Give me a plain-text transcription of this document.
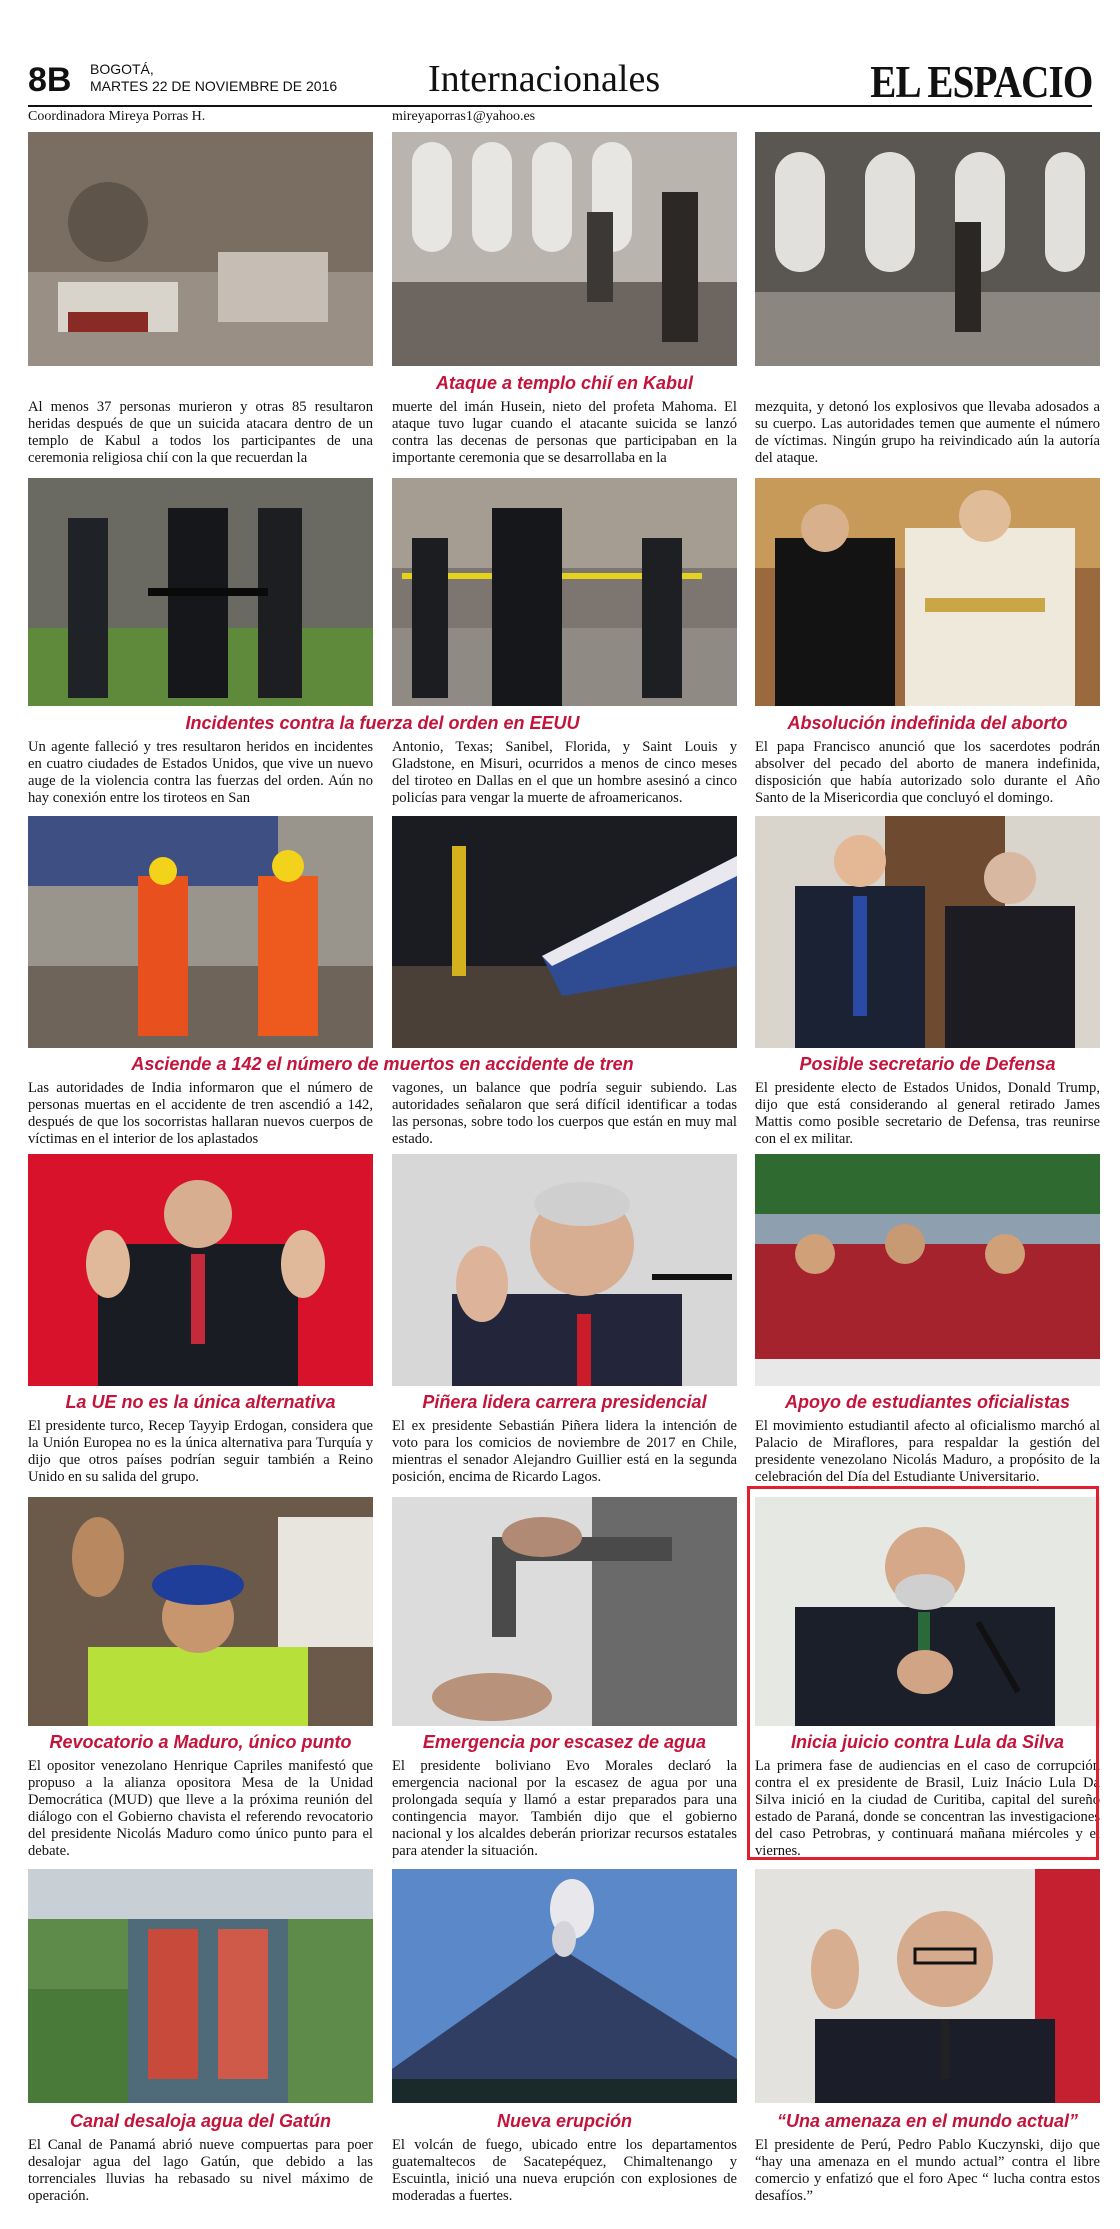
8B BOGOTÁ,
MARTES 22 DE NOVIEMBRE DE 2016 Internacionales	EL ESPACIO
Coordinadora Mireya Porras H.	mireyaporras1@yahoo.es
Ataque a templo chií en Kabul
Al menos 37 personas murieron y otras 85 resultaron heridas después de que un suicida atacara dentro de un templo de Kabul a todos los participantes de una ceremonia religiosa chií con la que recuerdan la
muerte del imán Husein, nieto del profeta Mahoma. El ataque tuvo lugar cuando el atacante suicida se lanzó contra las decenas de personas que participaban en la importante ceremonia que se desarrollaba en la
mezquita, y detonó los explosivos que llevaba adosados a su cuerpo. Las autoridades temen que aumente el número de víctimas. Ningún grupo ha reivindicado aún la autoría del ataque.
Incidentes contra la fuerza del orden en EEUU	Absolución indefinida del aborto
Un agente falleció y tres resultaron heridos en incidentes en cuatro ciudades de Estados Unidos, que vive un nuevo auge de la violencia contra las fuerzas del orden. Aún no hay conexión entre los tiroteos en San
Antonio, Texas; Sanibel, Florida, y Saint Louis y Gladstone, en Misuri, ocurridos a menos de cinco meses del tiroteo en Dallas en el que un hombre asesinó a cinco policías para vengar la muerte de afroamericanos.
El papa Francisco anunció que los sacerdotes podrán absolver del pecado del aborto de manera indefinida, disposición que había autorizado solo durante el Año Santo de la Misericordia que concluyó el domingo.
Asciende a 142 el número de muertos en accidente de tren	Posible secretario de Defensa
Las autoridades de India informaron que el número de personas muertas en el accidente de tren ascendió a 142, después de que los socorristas hallaran nuevos cuerpos de víctimas en el interior de los aplastados
vagones, un balance que podría seguir subiendo. Las autoridades señalaron que será difícil identificar a todas las personas, sobre todo los cuerpos que están en muy mal estado.
El presidente electo de Estados Unidos, Donald Trump, dijo que está considerando al general retirado James Mattis como posible secretario de Defensa, tras reunirse con el ex militar.
La UE no es la única alternativa	Piñera lidera carrera presidencial	Apoyo de estudiantes oficialistas
El presidente turco, Recep Tayyip Erdogan, considera que la Unión Europea no es la única alternativa para Turquía y dijo que otros países podrían seguir también a Reino Unido en su salida del grupo.
El ex presidente Sebastián Piñera lidera la intención de voto para los comicios de noviembre de 2017 en Chile, mientras el senador Alejandro Guillier está en la segunda posición, encima de Ricardo Lagos.
El movimiento estudiantil afecto al oficialismo marchó al Palacio de Miraflores, para respaldar la gestión del presidente venezolano Nicolás Maduro, a propósito de la celebración del Día del Estudiante Universitario.
Revocatorio a Maduro, único punto	Emergencia por escasez de agua	Inicia juicio contra Lula da Silva
El opositor venezolano Henrique Capriles manifestó que propuso a la alianza opositora Mesa de la Unidad Democrática (MUD) que lleve a la próxima reunión del diálogo con el Gobierno chavista el referendo revocatorio del presidente Nicolás Maduro como único punto para el debate.
El presidente boliviano Evo Morales declaró la emergencia nacional por la escasez de agua por una prolongada sequía y llamó a estar preparados para una contingencia mayor. También dijo que el gobierno nacional y los alcaldes deberán priorizar recursos estatales para atender la situación.
La primera fase de audiencias en el caso de corrupción contra el ex presidente de Brasil, Luiz Inácio Lula Da Silva inició en la ciudad de Curitiba, capital del sureño estado de Paraná, donde se concentran las investigaciones del caso Petrobras, y continuará mañana miércoles y el viernes.
Canal desaloja agua del Gatún	Nueva erupción	“Una amenaza en el mundo actual”
El Canal de Panamá abrió nueve compuertas para poer desalojar agua del lago Gatún, que debido a las torrenciales lluvias ha rebasado su nivel máximo de operación.
El volcán de fuego, ubicado entre los departamentos guatemaltecos de Sacatepéquez, Chimaltenango y Escuintla, inició una nueva erupción con explosiones de moderadas a fuertes.
El presidente de Perú, Pedro Pablo Kuczynski, dijo que “hay una amenaza en el mundo actual” contra el libre comercio y enfatizó que el foro Apec “ lucha contra estos desafíos.”
